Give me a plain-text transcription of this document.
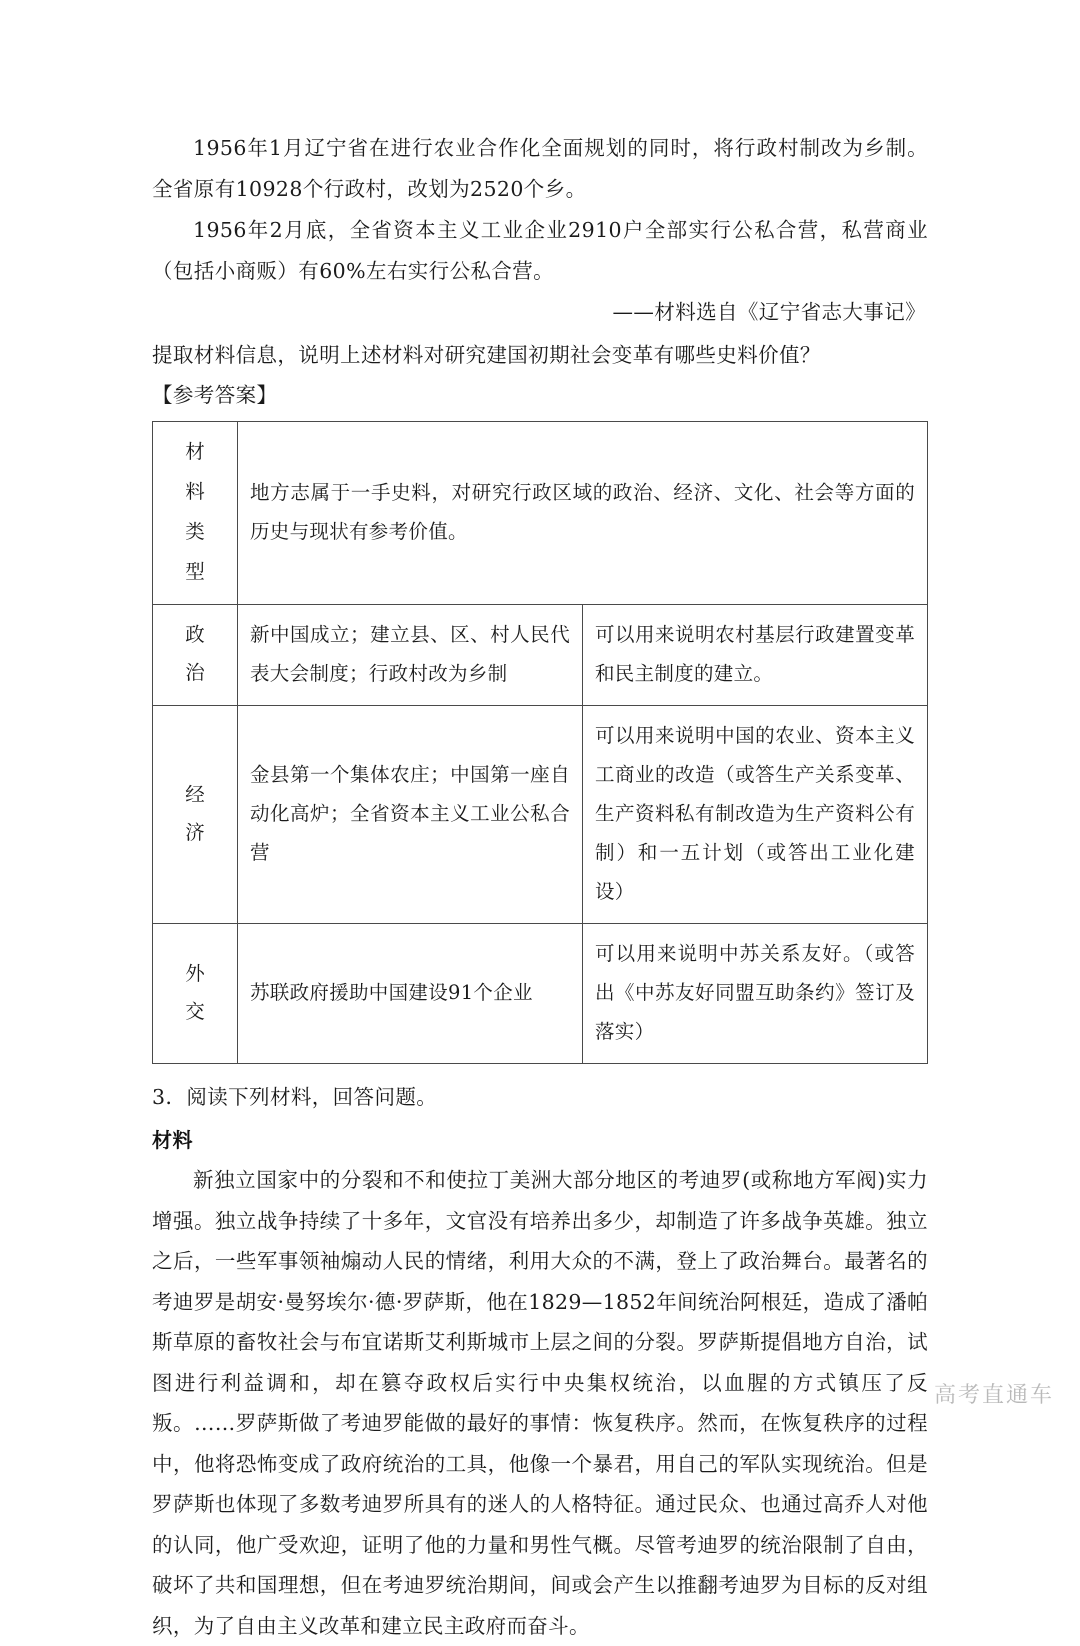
1956年1月辽宁省在进行农业合作化全面规划的同时，将行政村制改为乡制。全省原有10928个行政村，改划为2520个乡。

1956年2月底，全省资本主义工业企业2910户全部实行公私合营，私营商业（包括小商贩）有60%左右实行公私合营。

——材料选自《辽宁省志大事记》

提取材料信息，说明上述材料对研究建国初期社会变革有哪些史料价值？

【参考答案】

材
料
类
型	地方志属于一手史料，对研究行政区域的政治、经济、文化、社会等方面的历史与现状有参考价值。	

政
治	新中国成立；建立县、区、村人民代表大会制度；行政村改为乡制	可以用来说明农村基层行政建置变革和民主制度的建立。

经
济	金县第一个集体农庄；中国第一座自动化高炉；全省资本主义工业公私合营	可以用来说明中国的农业、资本主义工商业的改造（或答生产关系变革、生产资料私有制改造为生产资料公有制）和一五计划（或答出工业化建设）

外
交	苏联政府援助中国建设91个企业	可以用来说明中苏关系友好。（或答出《中苏友好同盟互助条约》签订及落实）

3．阅读下列材料，回答问题。

材料

新独立国家中的分裂和不和使拉丁美洲大部分地区的考迪罗(或称地方军阀)实力增强。独立战争持续了十多年，文官没有培养出多少，却制造了许多战争英雄。独立之后，一些军事领袖煽动人民的情绪，利用大众的不满，登上了政治舞台。最著名的考迪罗是胡安·曼努埃尔·德·罗萨斯，他在1829—1852年间统治阿根廷，造成了潘帕斯草原的畜牧社会与布宜诺斯艾利斯城市上层之间的分裂。罗萨斯提倡地方自治，试图进行利益调和，却在篡夺政权后实行中央集权统治，以血腥的方式镇压了反叛。……罗萨斯做了考迪罗能做的最好的事情：恢复秩序。然而，在恢复秩序的过程中，他将恐怖变成了政府统治的工具，他像一个暴君，用自己的军队实现统治。但是罗萨斯也体现了多数考迪罗所具有的迷人的人格特征。通过民众、也通过高乔人对他的认同，他广受欢迎，证明了他的力量和男性气概。尽管考迪罗的统治限制了自由，破坏了共和国理想，但在考迪罗统治期间，间或会产生以推翻考迪罗为目标的反对组织，为了自由主义改革和建立民主政府而奋斗。

高考直通车
